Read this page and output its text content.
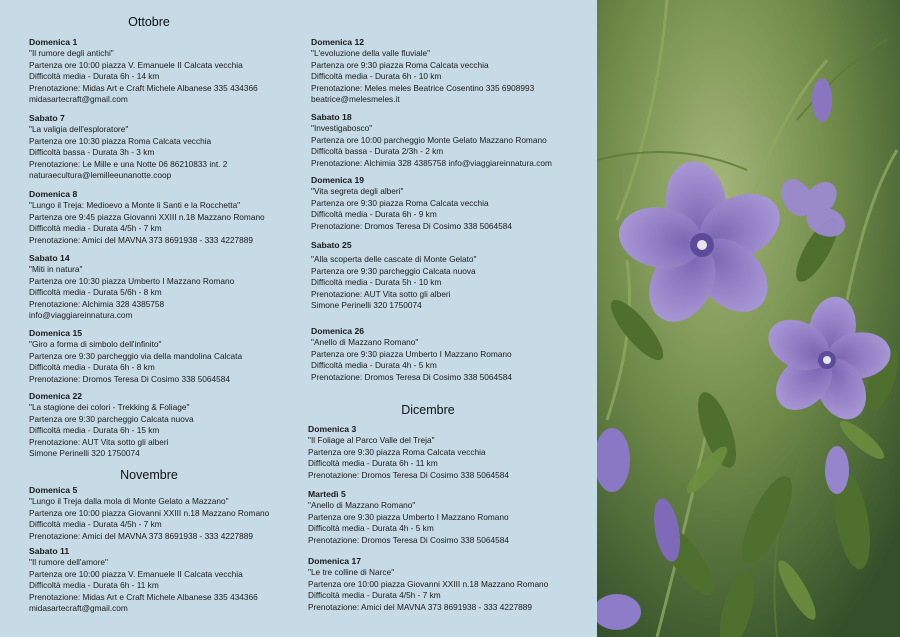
Ottobre
Domenica 1
"Il rumore degli antichi"
Partenza ore 10:00 piazza V. Emanuele II Calcata vecchia
Difficoltà media - Durata 6h - 14 km
Prenotazione: Midas Art e Craft Michele Albanese 335 434366
midasartecraft@gmail.com
Sabato 7
"La valigia dell'esploratore"
Partenza ore 10:30 piazza Roma Calcata vecchia
Difficoltà bassa - Durata 3h - 3 km
Prenotazione: Le Mille e una Notte 06 86210833 int. 2
naturaecultura@lemilleeunanotte.coop
Domenica 8
"Lungo il Treja: Medioevo a Monte li Santi e la Rocchetta"
Partenza ore 9:45 piazza Giovanni XXIII n.18 Mazzano Romano
Difficoltà media - Durata 4/5h - 7 km
Prenotazione: Amici del MAVNA 373 8691938 - 333 4227889
Sabato 14
"Miti in natura"
Partenza ore 10:30 piazza Umberto I Mazzano Romano
Difficoltà media - Durata 5/6h - 8 km
Prenotazione: Alchimia 328 4385758
info@viaggiareinnatura.com
Domenica 15
"Giro a forma di simbolo dell'infinito"
Partenza ore 9:30 parcheggio via della mandolina Calcata
Difficoltà media - Durata 6h - 8 km
Prenotazione: Dromos Teresa Di Cosimo 338 5064584
Domenica 22
"La stagione dei colori - Trekking & Foliage"
Partenza ore 9:30 parcheggio Calcata nuova
Difficoltà media - Durata 6h - 15 km
Prenotazione: AUT Vita sotto gli alberi
Simone Perinelli 320 1750074
Novembre
Domenica 5
"Lungo il Treja dalla mola di Monte Gelato a Mazzano"
Partenza ore 10:00 piazza Giovanni XXIII n.18 Mazzano Romano
Difficoltà media - Durata 4/5h - 7 km
Prenotazione: Amici del MAVNA 373 8691938 - 333 4227889
Sabato 11
"Il rumore dell'amore"
Partenza ore 10:00 piazza V. Emanuele II Calcata vecchia
Difficoltà media - Durata 6h - 11 km
Prenotazione: Midas Art e Craft Michele Albanese 335 434366
midasartecraft@gmail.com
Domenica 12
"L'evoluzione della valle fluviale"
Partenza ore 9:30 piazza Roma Calcata vecchia
Difficoltà media - Durata 6h - 10 km
Prenotazione: Meles meles Beatrice Cosentino 335 6908993
beatrice@melesmeles.it
Sabato 18
"Investigabosco"
Partenza ore 10:00 parcheggio Monte Gelato Mazzano Romano
Difficoltà bassa - Durata 2/3h - 2 km
Prenotazione: Alchimia 328 4385758 info@viaggiareinnatura.com
Domenica 19
"Vita segreta degli alberi"
Partenza ore 9:30 piazza Roma Calcata vecchia
Difficoltà media - Durata 6h - 9 km
Prenotazione: Dromos Teresa Di Cosimo 338 5064584
Sabato 25
"Alla scoperta delle cascate di Monte Gelato"
Partenza ore 9:30 parcheggio Calcata nuova
Difficoltà media - Durata 5h - 10 km
Prenotazione: AUT Vita sotto gli alberi
Simone Perinelli 320 1750074
Domenica 26
"Anello di Mazzano Romano"
Partenza ore 9:30 piazza Umberto I Mazzano Romano
Difficoltà media - Durata 4h - 5 km
Prenotazione: Dromos Teresa Di Cosimo 338 5064584
Dicembre
Domenica 3
"Il Foliage al Parco Valle del Treja"
Partenza ore 9:30 piazza Roma Calcata vecchia
Difficoltà media - Durata 6h - 11 km
Prenotazione: Dromos Teresa Di Cosimo 338 5064584
Martedì 5
"Anello di Mazzano Romano"
Partenza ore 9:30 piazza Umberto I Mazzano Romano
Difficoltà media - Durata 4h - 5 km
Prenotazione: Dromos Teresa Di Cosimo 338 5064584
Domenica 17
"Le tre colline di Narce"
Partenza ore 10:00 piazza Giovanni XXIII n.18 Mazzano Romano
Difficoltà media - Durata 4/5h - 7 km
Prenotazione: Amici del MAVNA 373 8691938 - 333 4227889
